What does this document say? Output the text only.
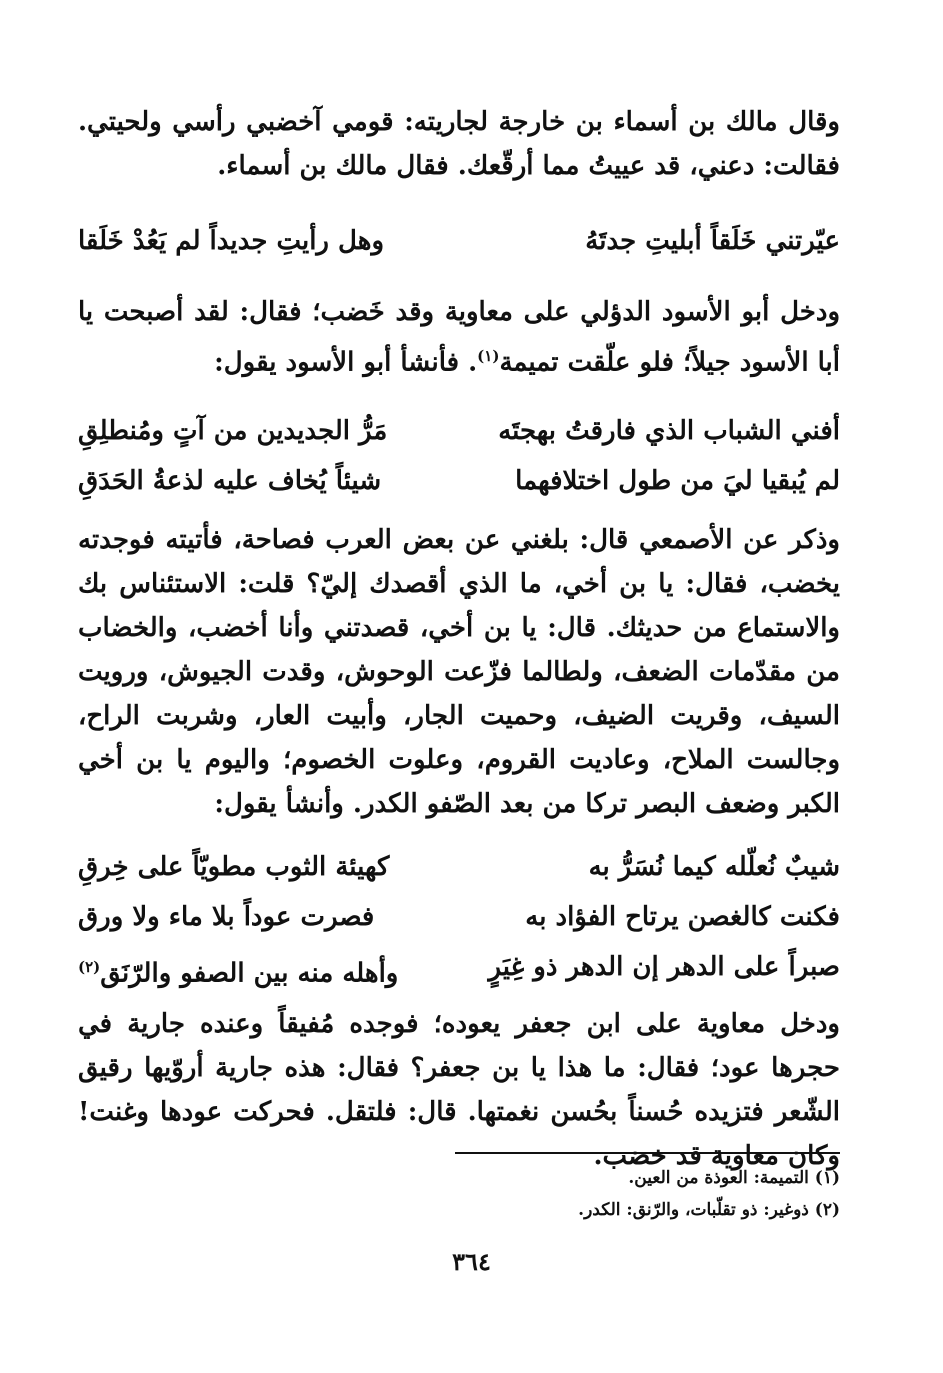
وقال مالك بن أسماء بن خارجة لجاريته: قومي آخضبي رأسي ولحيتي. فقالت: دعني، قد عييتُ مما أرقّعك. فقال مالك بن أسماء.

عيّرتني خَلَقاً أبليتِ جدتَهُ
وهل رأيتِ جديداً لم يَعُدْ خَلَقا

ودخل أبو الأسود الدؤلي على معاوية وقد خَضب؛ فقال: لقد أصبحت يا أبا الأسود جيلاً؛ فلو علّقت تميمة$^{(١)}$. فأنشأ أبو الأسود يقول:

أفني الشباب الذي فارقتُ بهجتَه
مَرُّ الجديدين من آتٍ ومُنطلِقِ
لم يُبقيا ليَ من طول اختلافهما
شيئاً يُخاف عليه لذعةُ الحَدَقِ

وذكر عن الأصمعي قال: بلغني عن بعض العرب فصاحة، فأتيته فوجدته يخضب، فقال: يا بن أخي، ما الذي أقصدك إليّ؟ قلت: الاستئناس بك والاستماع من حديثك. قال: يا بن أخي، قصدتني وأنا أخضب، والخضاب من مقدّمات الضعف، ولطالما فزّعت الوحوش، وقدت الجيوش، ورويت السيف، وقريت الضيف، وحميت الجار، وأبيت العار، وشربت الراح، وجالست الملاح، وعاديت القروم، وعلوت الخصوم؛ واليوم يا بن أخي الكبر وضعف البصر تركا من بعد الصّفو الكدر. وأنشأ يقول:

شيبٌ نُعلّله كيما نُسَرُّ به
كهيئة الثوب مطويّاً على خِرقِ
فكنت كالغصن يرتاح الفؤاد به
فصرت عوداً بلا ماء ولا ورق
صبراً على الدهر إن الدهر ذو غِيَرٍ
وأهله منه بين الصفو والرّنَق$^{(٢)}$

ودخل معاوية على ابن جعفر يعوده؛ فوجده مُفيقاً وعنده جارية في حجرها عود؛ فقال: ما هذا يا بن جعفر؟ فقال: هذه جارية أروّيها رقيق الشّعر فتزيده حُسناً بحُسن نغمتها. قال: فلتقل. فحركت عودها وغنت! وكان معاوية قد خضب.

(١) التميمة: العوذة من العين.

(٢) ذوغير: ذو تقلّبات، والرّنق: الكدر.

٣٦٤
